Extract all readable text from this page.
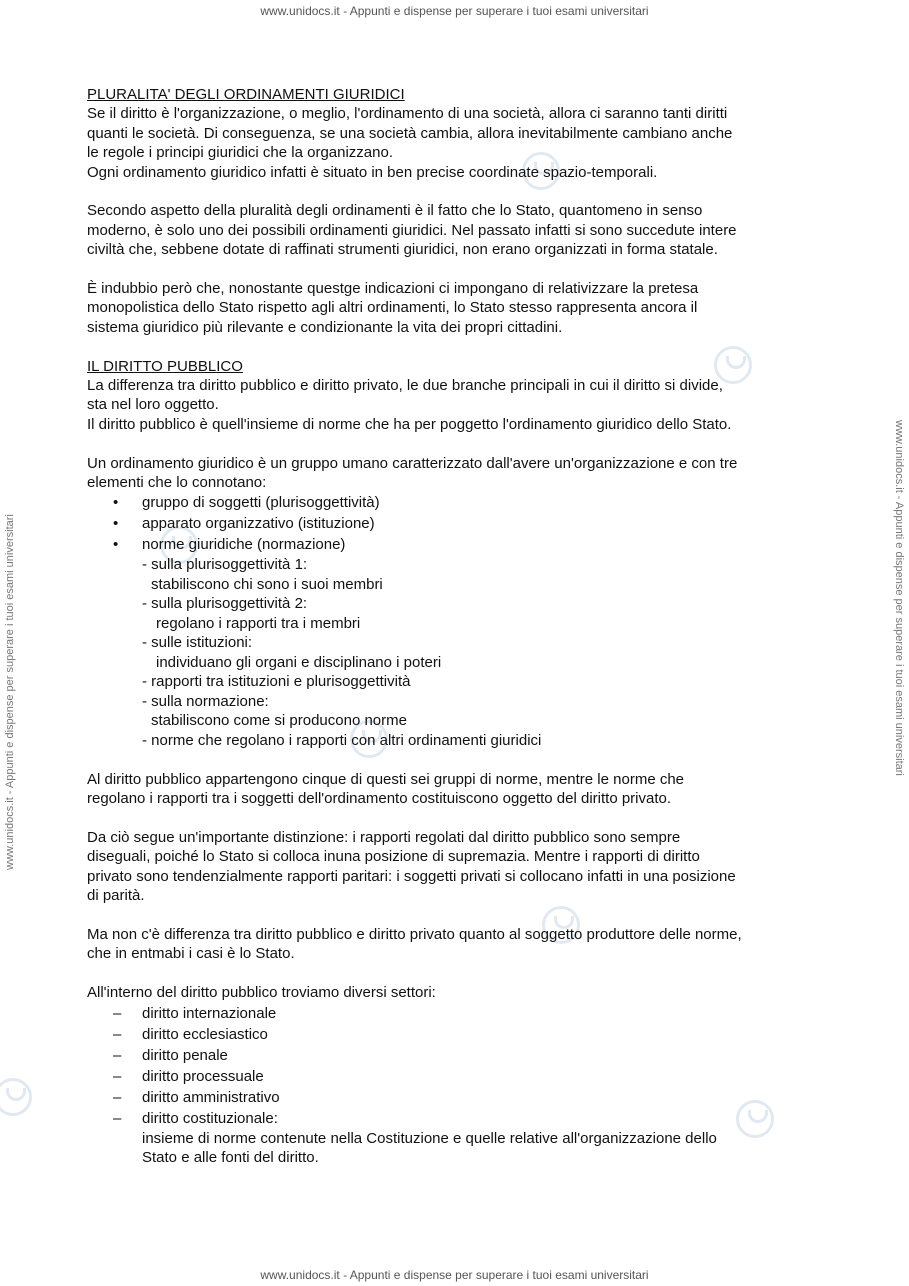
www.unidocs.it - Appunti e dispense per superare i tuoi esami universitari
www.unidocs.it - Appunti e dispense per superare i tuoi esami universitari	www.unidocs.it - Appunti e dispense per superare i tuoi esami universitari

PLURALITA' DEGLI ORDINAMENTI GIURIDICI
Se il diritto è l'organizzazione, o meglio, l'ordinamento di una società, allora ci saranno tanti diritti
quanti le società. Di conseguenza, se una società cambia, allora inevitabilmente cambiano anche
le regole i principi giuridici che la organizzano.
Ogni ordinamento giuridico infatti è situato in ben precise coordinate spazio-temporali.

Secondo aspetto della pluralità degli ordinamenti è il fatto che lo Stato, quantomeno in senso
moderno, è solo uno dei possibili ordinamenti giuridici. Nel passato infatti si sono succedute intere
civiltà che, sebbene dotate di raffinati strumenti giuridici, non erano organizzati in forma statale.

È indubbio però che, nonostante questge indicazioni ci impongano di relativizzare la pretesa
monopolistica dello Stato rispetto agli altri ordinamenti, lo Stato stesso rappresenta ancora il
sistema giuridico più rilevante e condizionante la vita dei propri cittadini.

IL DIRITTO PUBBLICO
La differenza tra diritto pubblico e diritto privato, le due branche principali in cui il diritto si divide,
sta nel loro oggetto.
Il diritto pubblico è quell'insieme di norme che ha per poggetto l'ordinamento giuridico dello Stato.

Un ordinamento giuridico è un gruppo umano caratterizzato dall'avere un'organizzazione e con tre
elementi che lo connotano:

• gruppo di soggetti (plurisoggettività)
• apparato organizzativo (istituzione)
• norme giuridiche (normazione)
- sulla plurisoggettività 1:
stabiliscono chi sono i suoi membri
- sulla plurisoggettività 2:
regolano i rapporti tra i membri
- sulle istituzioni:
individuano gli organi e disciplinano i poteri
- rapporti tra istituzioni e plurisoggettività
- sulla normazione:
stabiliscono come si producono norme
- norme che regolano i rapporti con altri ordinamenti giuridici

Al diritto pubblico appartengono cinque di questi sei gruppi di norme, mentre le norme che
regolano i rapporti tra i soggetti dell'ordinamento costituiscono oggetto del diritto privato.

Da ciò segue un'importante distinzione: i rapporti regolati dal diritto pubblico sono sempre
diseguali, poiché lo Stato si colloca inuna posizione di supremazia. Mentre i rapporti di diritto
privato sono tendenzialmente rapporti paritari: i soggetti privati si collocano infatti in una posizione
di parità.

Ma non c'è differenza tra diritto pubblico e diritto privato quanto al soggetto produttore delle norme,
che in entmabi i casi è lo Stato.

All'interno del diritto pubblico troviamo diversi settori:

– diritto internazionale
– diritto ecclesiastico
– diritto penale
– diritto processuale
– diritto amministrativo
– diritto costituzionale:
insieme di norme contenute nella Costituzione e quelle relative all'organizzazione dello
Stato e alle fonti del diritto.
www.unidocs.it - Appunti e dispense per superare i tuoi esami universitari
